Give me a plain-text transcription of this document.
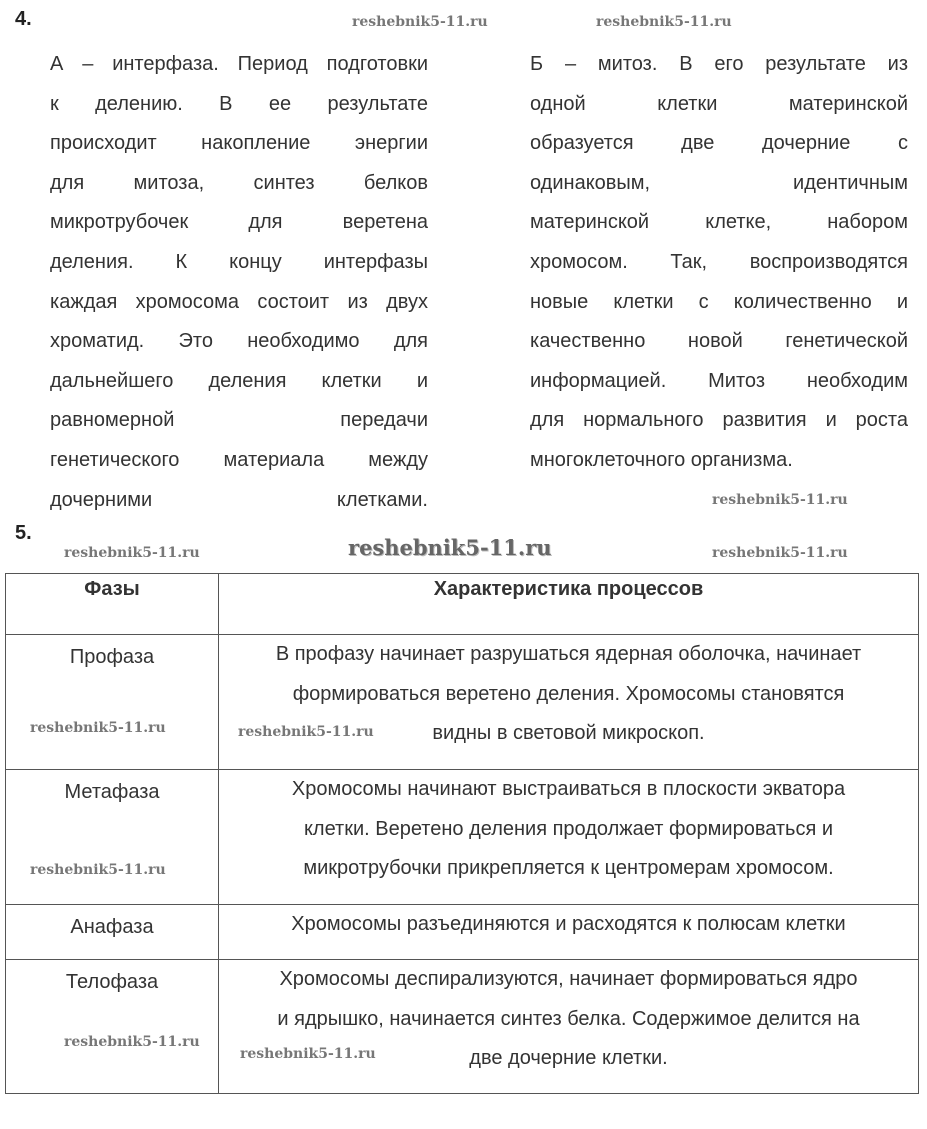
4.
А – интерфаза. Период подготовки
к делению. В ее результате
происходит накопление энергии
для митоза, синтез белков
микротрубочек для веретена
деления. К концу интерфазы
каждая хромосома состоит из двух
хроматид. Это необходимо для
дальнейшего деления клетки и
равномерной передачи
генетического материала между
дочерними клетками.
Б – митоз. В его результате из
одной клетки материнской
образуется две дочерние с
одинаковым, идентичным
материнской клетке, набором
хромосом. Так, воспроизводятся
новые клетки с количественно и
качественно новой генетической
информацией. Митоз необходим
для нормального развития и роста
многоклеточного организма.
5.
Фазы	Характеристика процессов
Профаза	В профазу начинает разрушаться ядерная оболочка, начинает
формироваться веретено деления. Хромосомы становятся
видны в световой микроскоп.

Метафаза	Хромосомы начинают выстраиваться в плоскости экватора
клетки. Веретено деления продолжает формироваться и
микротрубочки прикрепляется к центромерам хромосом.

Анафаза	Хромосомы разъединяются и расходятся к полюсам клетки

Телофаза	Хромосомы деспирализуются, начинает формироваться ядро
и ядрышко, начинается синтез белка. Содержимое делится на
две дочерние клетки.
reshebnik5-11.ru	reshebnik5-11.ru
reshebnik5-11.ru
reshebnik5-11.ru	reshebnik5-11.ru	reshebnik5-11.ru
reshebnik5-11.ru
reshebnik5-11.ru
reshebnik5-11.ru
reshebnik5-11.ru
reshebnik5-11.ru
